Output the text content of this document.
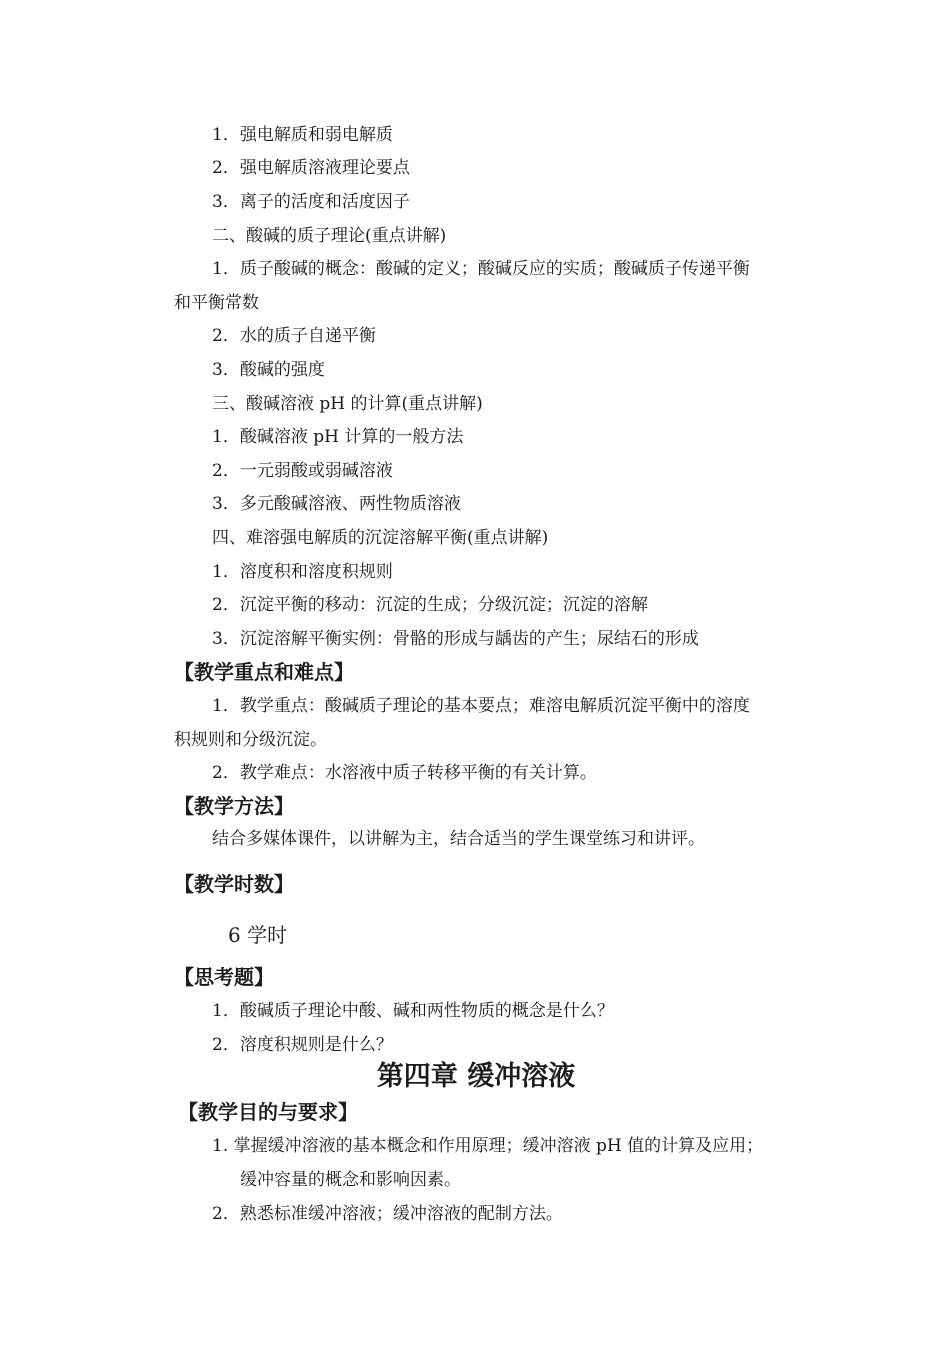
1．强电解质和弱电解质
2．强电解质溶液理论要点
3．离子的活度和活度因子
二、酸碱的质子理论(重点讲解)
1．质子酸碱的概念：酸碱的定义；酸碱反应的实质；酸碱质子传递平衡
和平衡常数
2．水的质子自递平衡
3．酸碱的强度
三、酸碱溶液 pH 的计算(重点讲解)
1．酸碱溶液 pH 计算的一般方法
2．一元弱酸或弱碱溶液
3．多元酸碱溶液、两性物质溶液
四、难溶强电解质的沉淀溶解平衡(重点讲解)
1．溶度积和溶度积规则
2．沉淀平衡的移动：沉淀的生成；分级沉淀；沉淀的溶解
3．沉淀溶解平衡实例：骨骼的形成与龋齿的产生；尿结石的形成
【教学重点和难点】
1．教学重点：酸碱质子理论的基本要点；难溶电解质沉淀平衡中的溶度
积规则和分级沉淀。
2．教学难点：水溶液中质子转移平衡的有关计算。
【教学方法】
结合多媒体课件，以讲解为主，结合适当的学生课堂练习和讲评。
【教学时数】
6 学时
【思考题】
1．酸碱质子理论中酸、碱和两性物质的概念是什么？
2．溶度积规则是什么？
第四章 缓冲溶液
【教学目的与要求】
1. 掌握缓冲溶液的基本概念和作用原理；缓冲溶液 pH 值的计算及应用；
缓冲容量的概念和影响因素。
2．熟悉标准缓冲溶液；缓冲溶液的配制方法。
